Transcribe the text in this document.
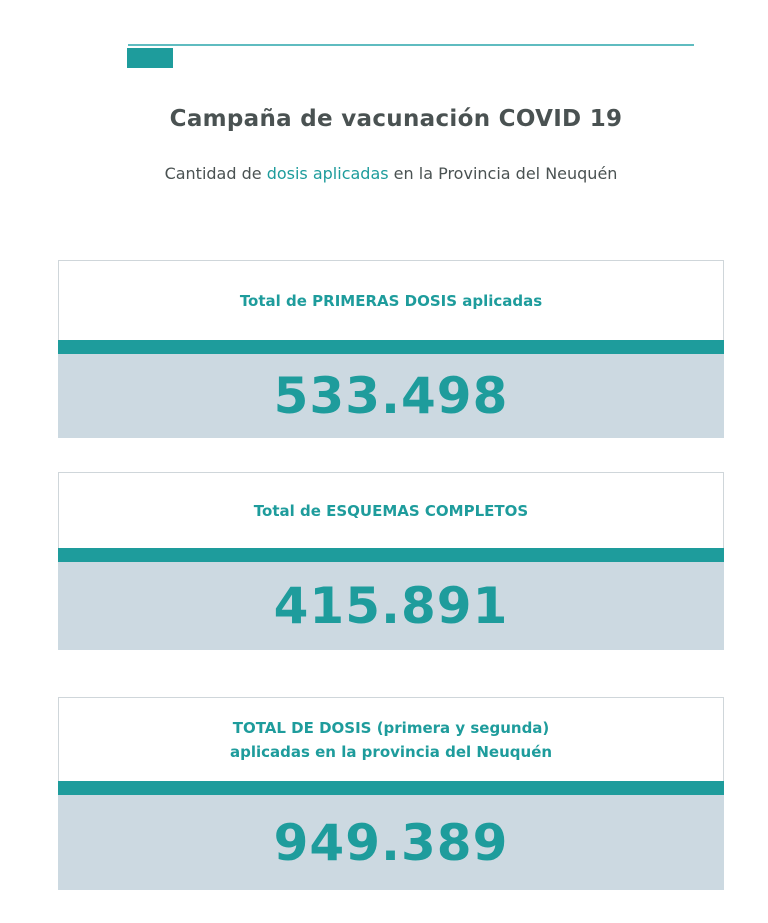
Campaña de vacunación COVID 19
Cantidad de dosis aplicadas en la Provincia del Neuquén
Total de PRIMERAS DOSIS aplicadas
533.498
Total de ESQUEMAS COMPLETOS
415.891
TOTAL DE DOSIS (primera y segunda)
aplicadas en la provincia del Neuquén
949.389
